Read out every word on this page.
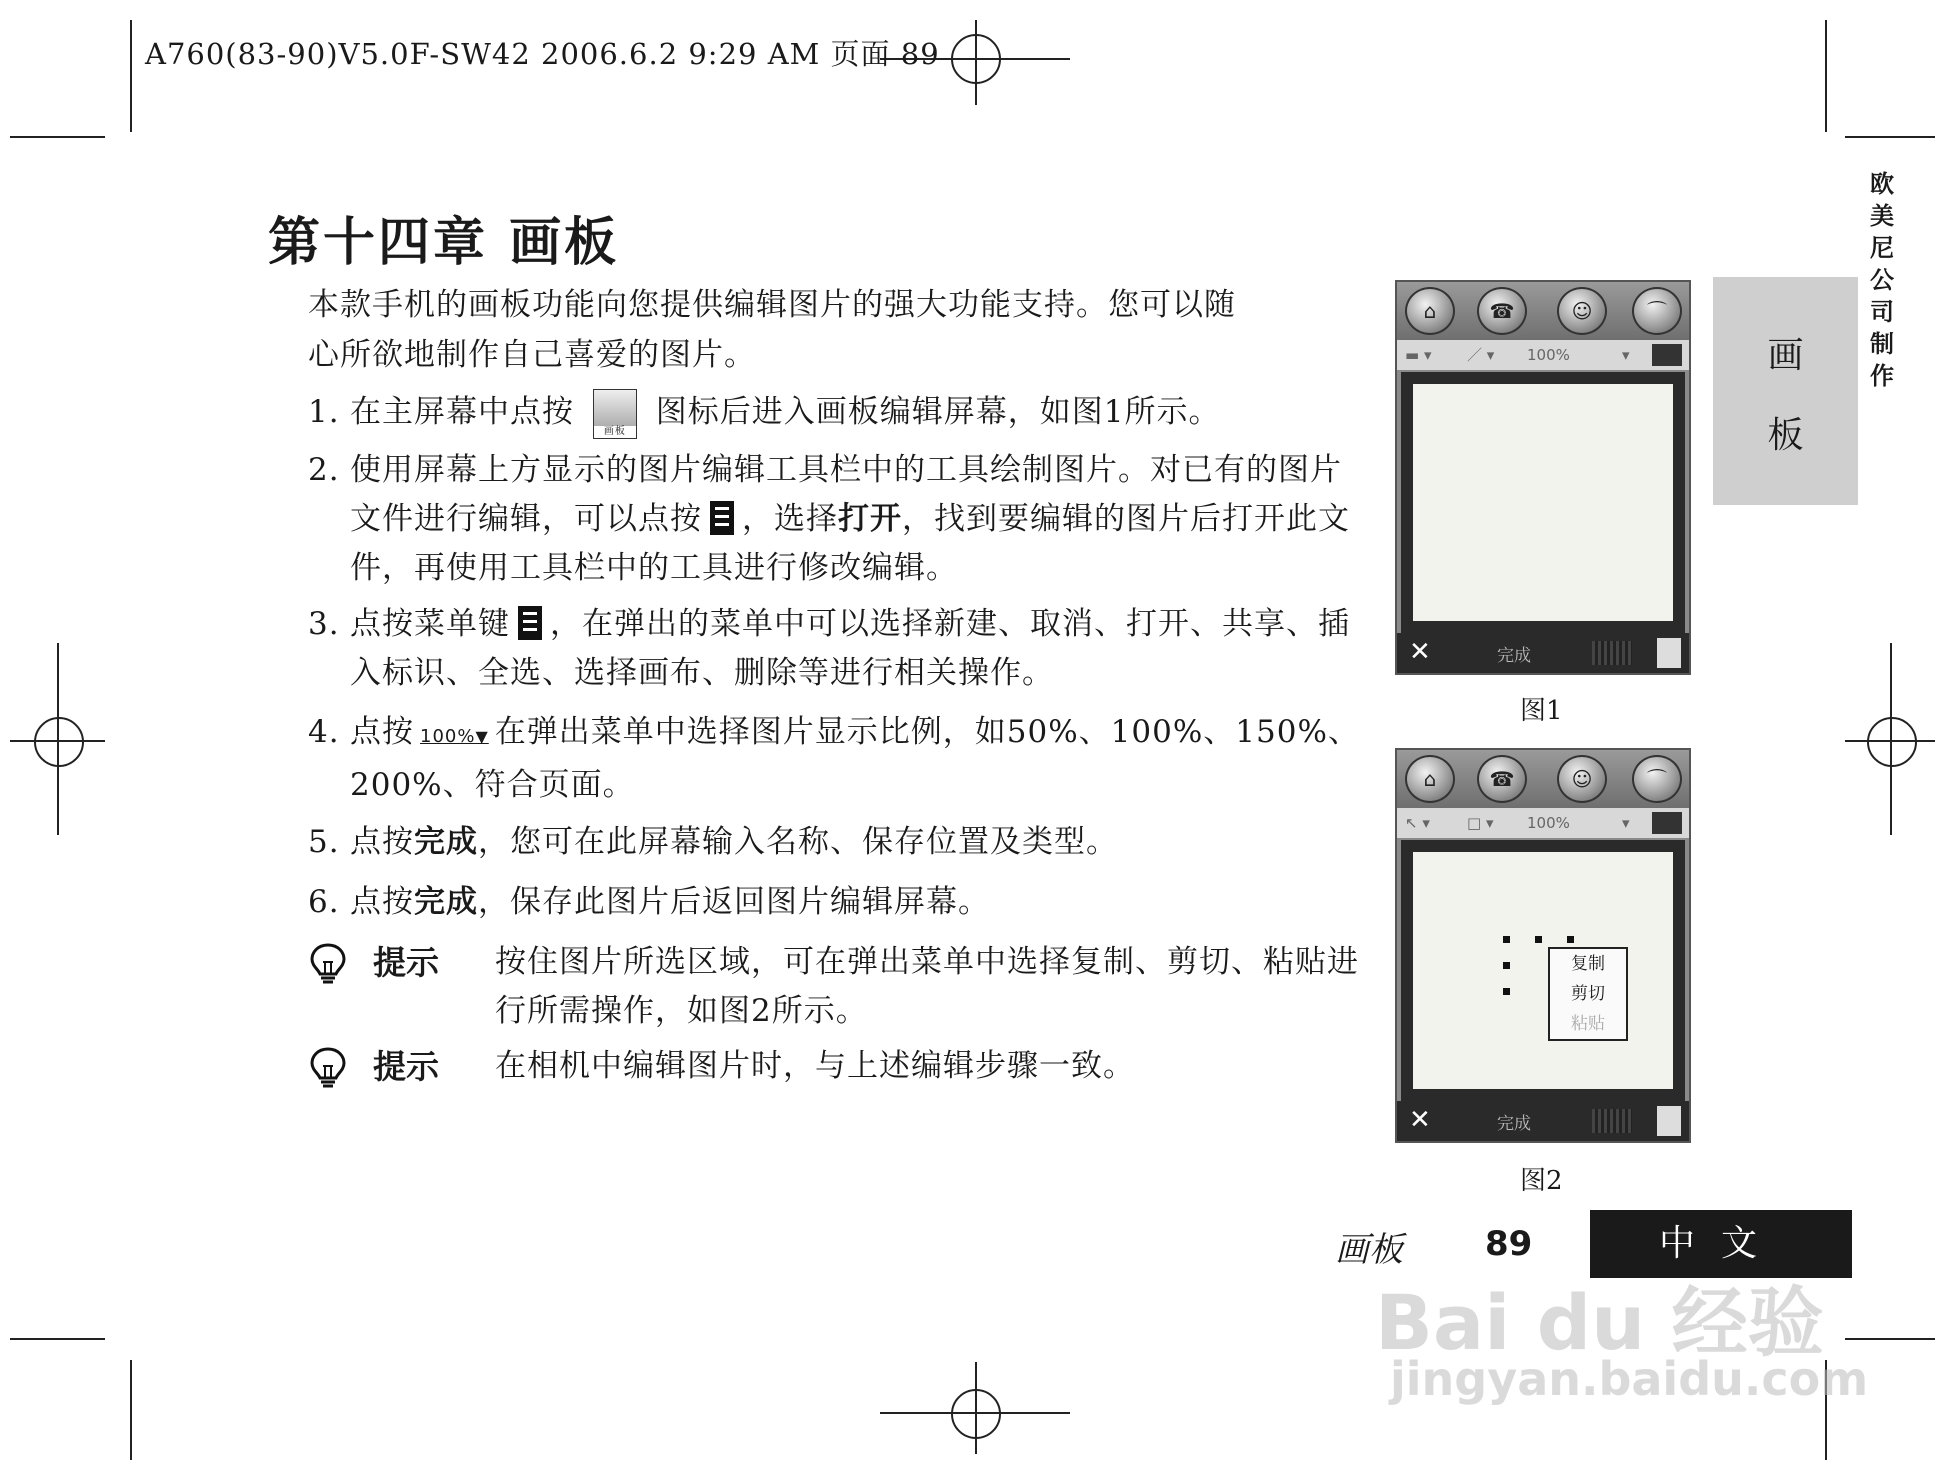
A760(83-90)V5.0F-SW42 2006.6.2 9:29 AM 页面 89
第十四章 画板
本款手机的画板功能向您提供编辑图片的强大功能支持。您可以随
心所欲地制作自己喜爱的图片。
1. 在主屏幕中点按
画板
图标后进入画板编辑屏幕，如图1所示。
2. 使用屏幕上方显示的图片编辑工具栏中的工具绘制图片。对已有的图片文件进行编辑，可以点按 ，选择打开，找到要编辑的图片后打开此文件，再使用工具栏中的工具进行修改编辑。
3. 点按菜单键 ，在弹出的菜单中可以选择新建、取消、打开、共享、插入标识、全选、选择画布、删除等进行相关操作。
4. 点按 100%▼ 在弹出菜单中选择图片显示比例，如50%、100%、150%、200%、符合页面。
5. 点按完成，您可在此屏幕输入名称、保存位置及类型。
6. 点按完成，保存此图片后返回图片编辑屏幕。
提示 按住图片所选区域，可在弹出菜单中选择复制、剪切、粘贴进行所需操作，如图2所示。
提示 在相机中编辑图片时，与上述编辑步骤一致。
欧
美
尼
公
司
制
作
画
板
⌂	☎	☺	⌒
▬ ▾ ／ ▾ 100%	▾
✕	完成
图1
⌂	☎	☺	⌒
↖ ▾ □ ▾ 100%	▾
复制
剪切
粘贴
✕	完成
图2
画板 89	中文
Bai du 经验
jingyan.baidu.com
